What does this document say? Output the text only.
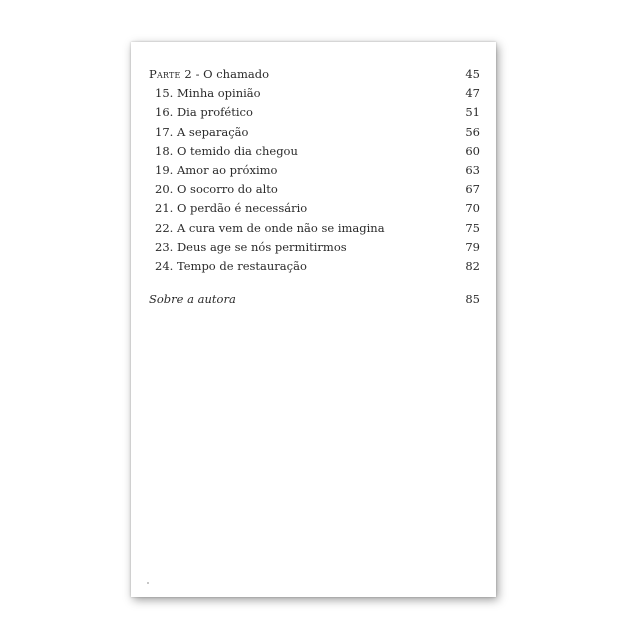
Parte 2 - O chamado	45
15. Minha opinião	47
16. Dia profético	51
17. A separação	56
18. O temido dia chegou	60
19. Amor ao próximo	63
20. O socorro do alto	67
21. O perdão é necessário	70
22. A cura vem de onde não se imagina	75
23. Deus age se nós permitirmos	79
24. Tempo de restauração	82
Sobre a autora	85
